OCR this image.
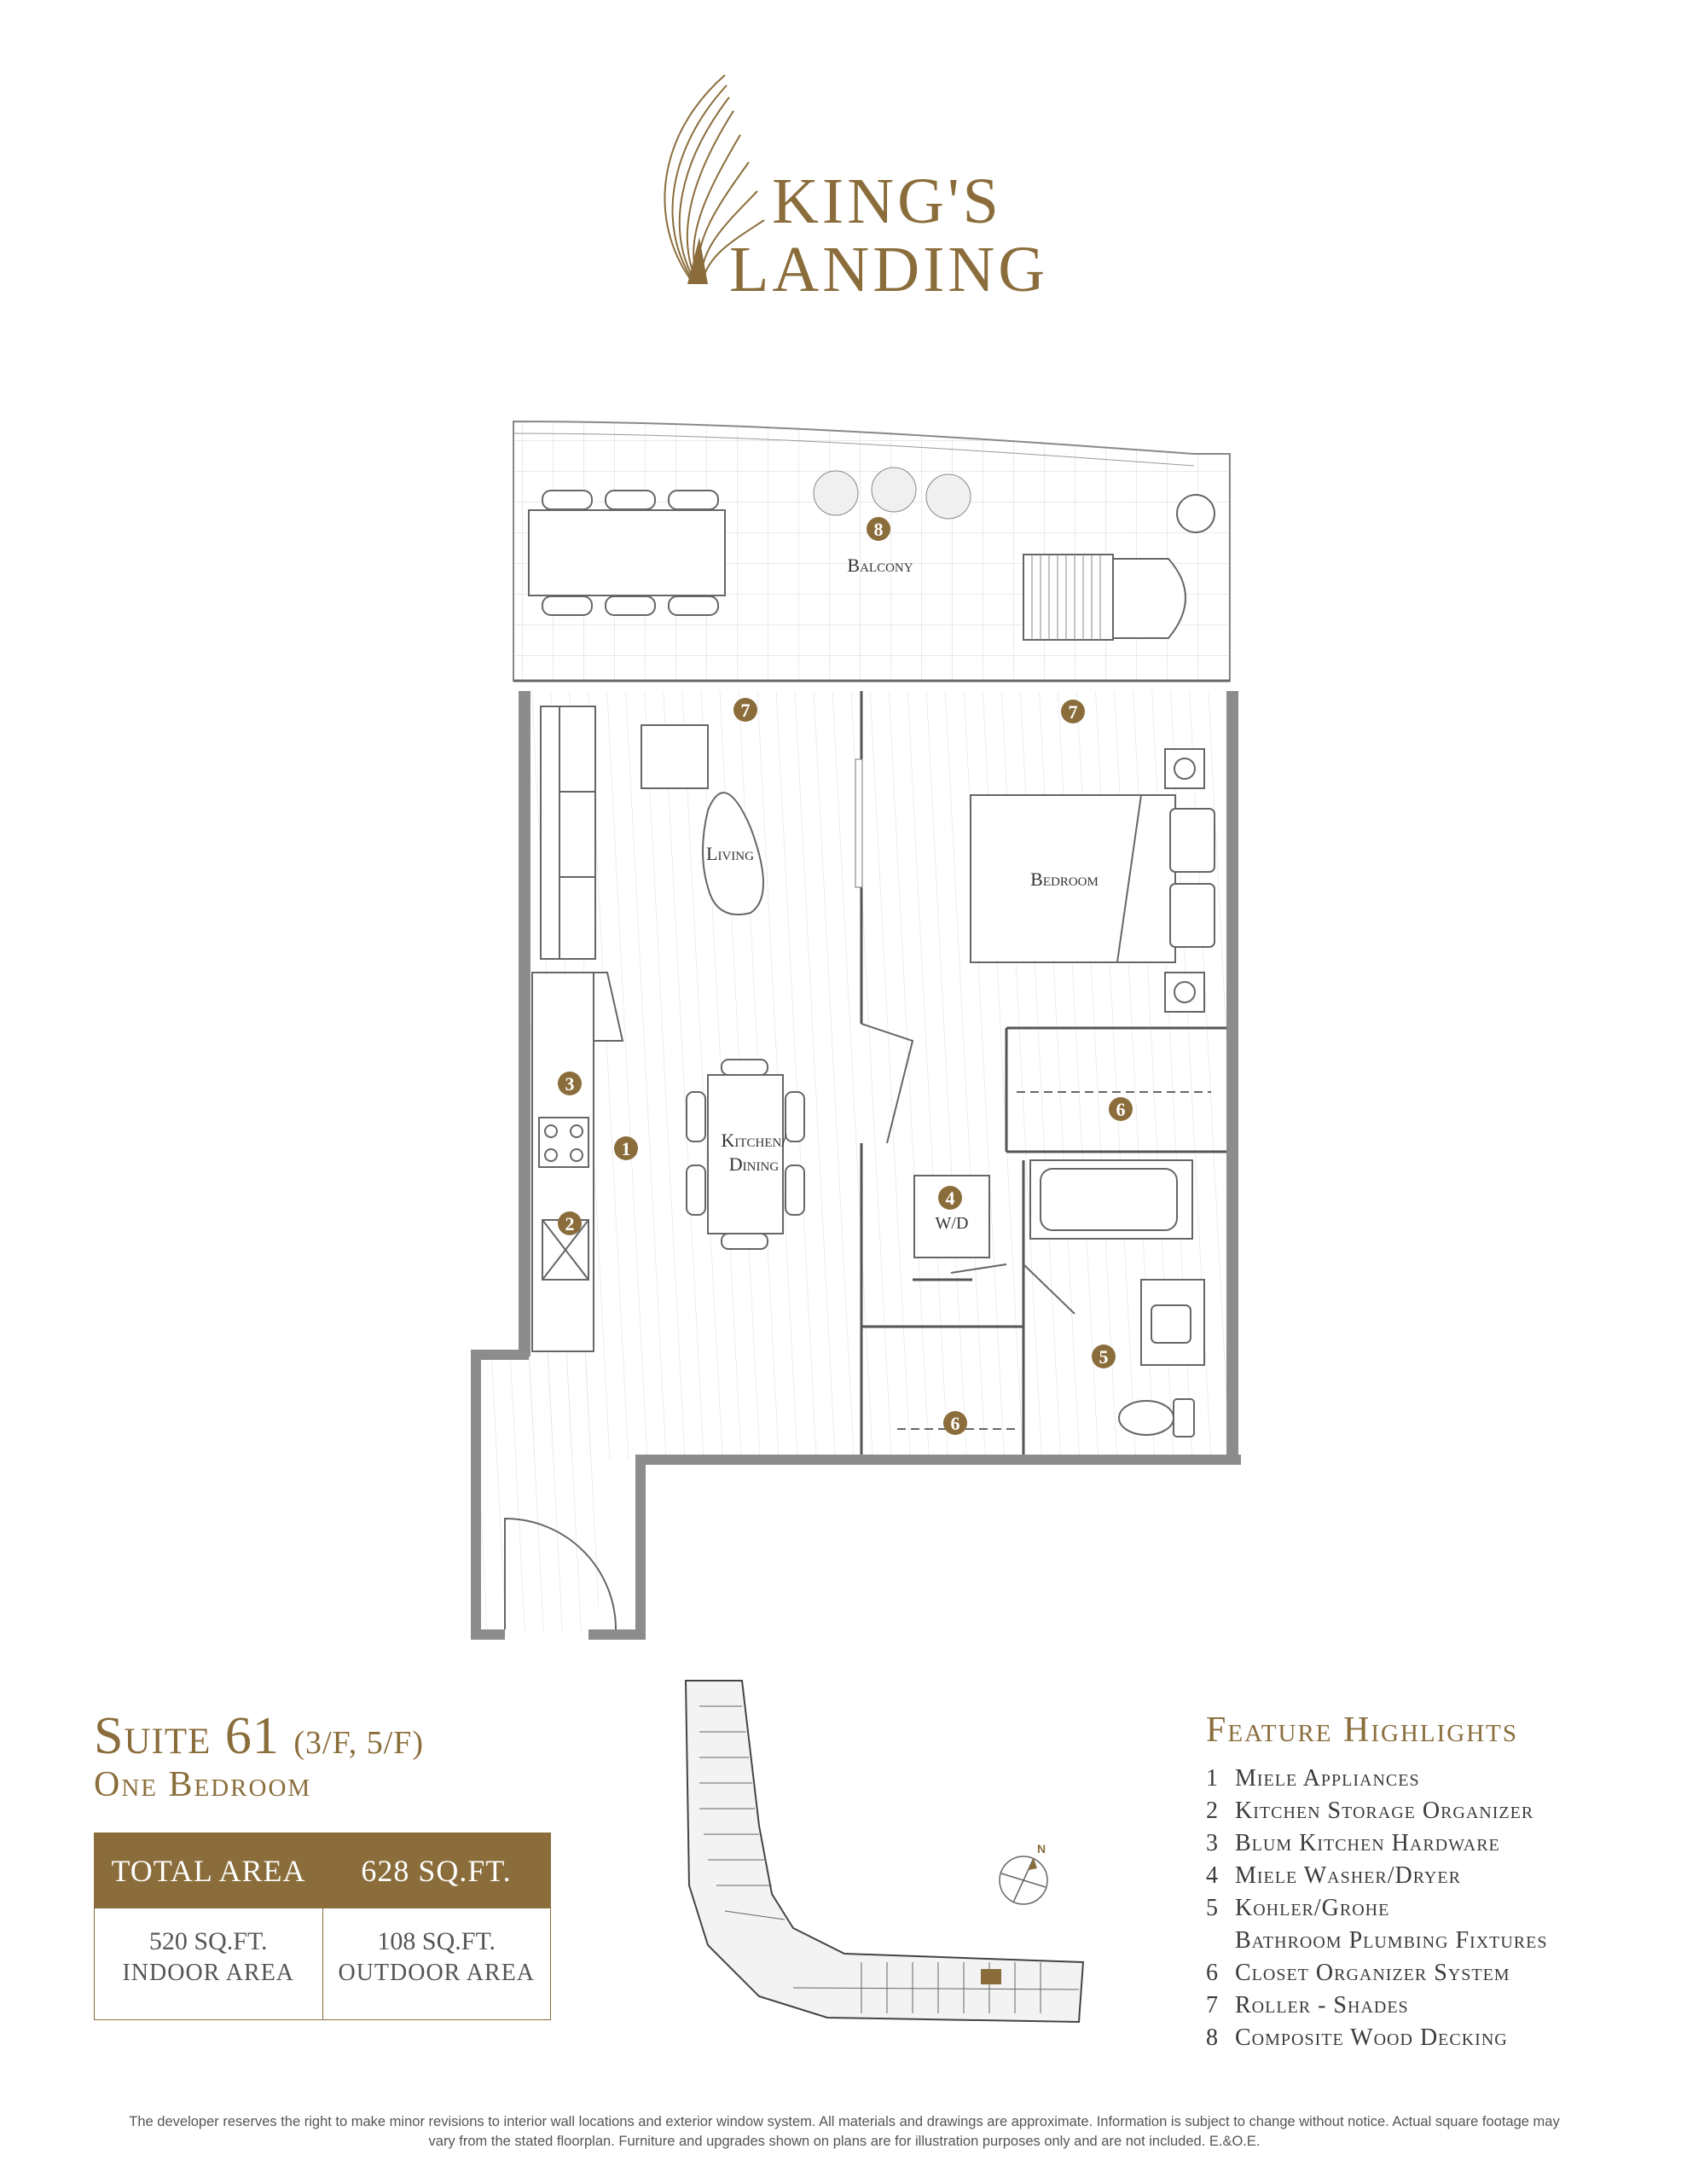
KING'S
LANDING
Balcony
Living
Kitchen/
Dining
Bedroom
W/D
1
2
3
4
5
6
6
7	7
8
Suite 61 (3/F, 5/F)
One Bedroom
TOTAL AREA	628 SQ.FT.
520 SQ.FT.
INDOOR AREA
108 SQ.FT.
OUTDOOR AREA
N
Feature Highlights
1 Miele Appliances
2 Kitchen Storage Organizer
3 Blum Kitchen Hardware
4 Miele Washer/Dryer
5 Kohler/Grohe
Bathroom Plumbing Fixtures
6 Closet Organizer System
7 Roller - Shades
8 Composite Wood Decking
The developer reserves the right to make minor revisions to interior wall locations and exterior window system. All materials and drawings are approximate. Information is subject to change without notice. Actual square footage may vary from the stated floorplan. Furniture and upgrades shown on plans are for illustration purposes only and are not included. E.&O.E.
